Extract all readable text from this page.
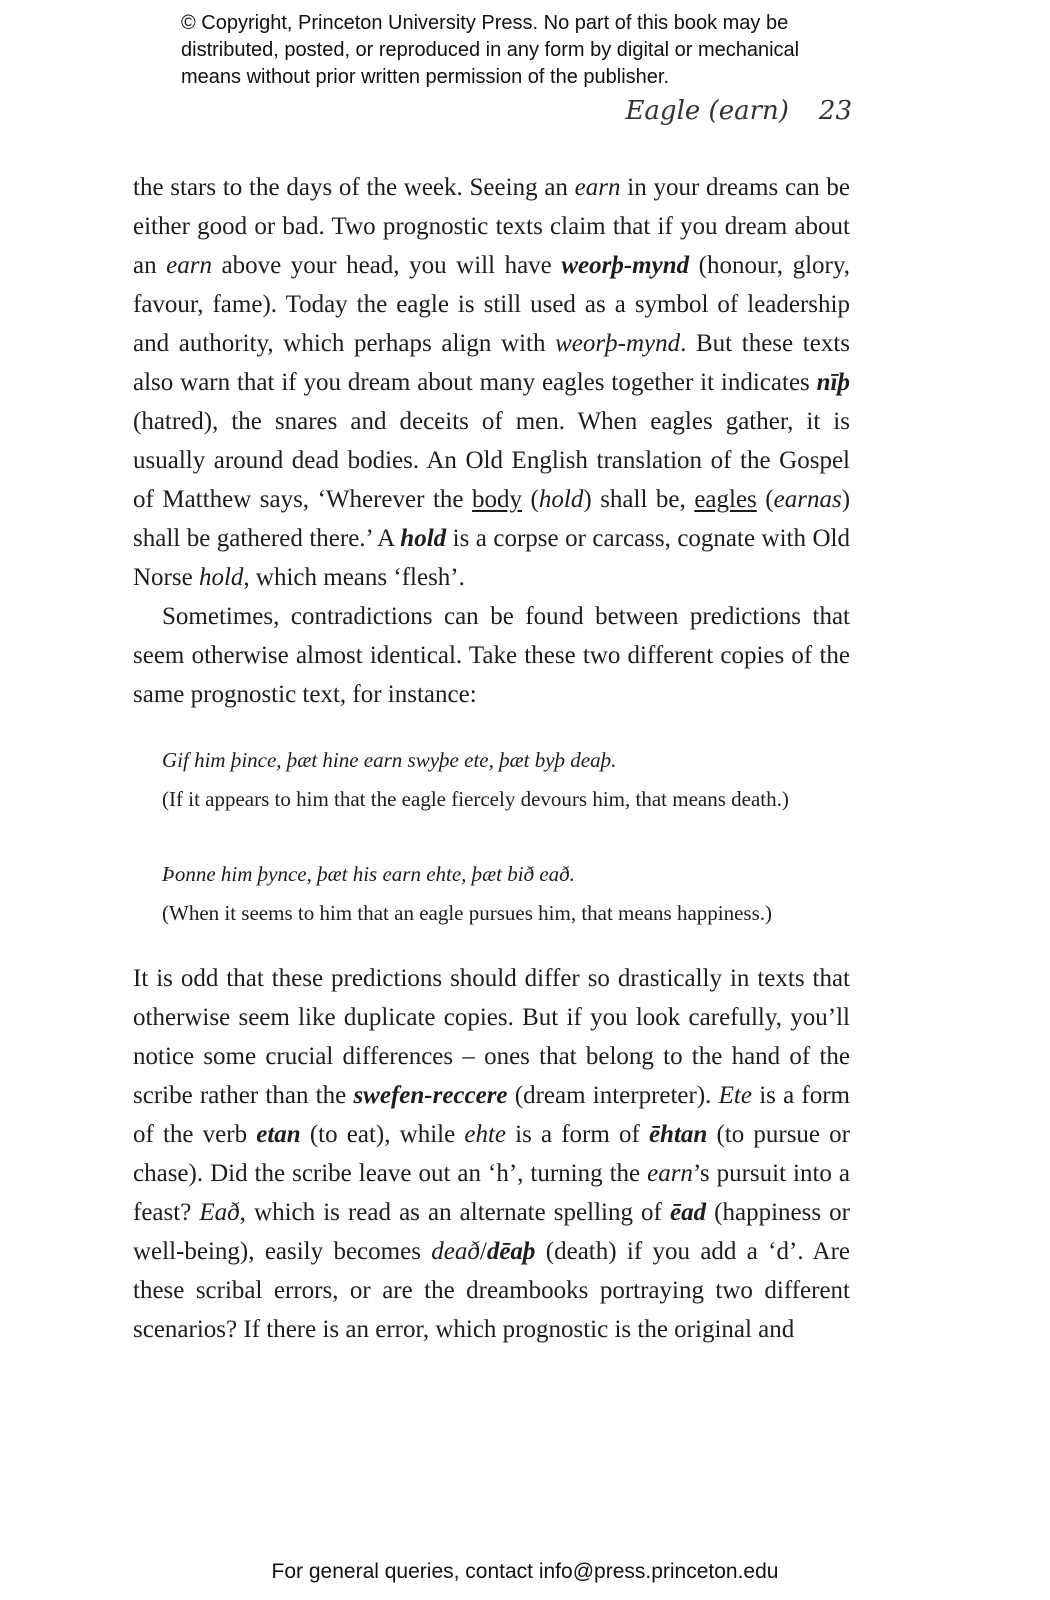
© Copyright, Princeton University Press. No part of this book may be
distributed, posted, or reproduced in any form by digital or mechanical
means without prior written permission of the publisher.
Eagle (earn) 23

the stars to the days of the week. Seeing an earn in your dreams can be either good or bad. Two prognostic texts claim that if you dream about an earn above your head, you will have weorþ-mynd (honour, glory, favour, fame). Today the eagle is still used as a symbol of leadership and authority, which perhaps align with weorþ-mynd. But these texts also warn that if you dream about many eagles together it indicates nīþ (hatred), the snares and deceits of men. When eagles gather, it is usually around dead bodies. An Old English translation of the Gospel of Matthew says, ‘Wherever the body (hold) shall be, eagles (earnas) shall be gathered there.’ A hold is a corpse or carcass, cognate with Old Norse hold, which means ‘flesh’.

Sometimes, contradictions can be found between predictions that seem otherwise almost identical. Take these two different copies of the same prognostic text, for instance:

Gif him þince, þæt hine earn swyþe ete, þæt byþ deaþ.
(If it appears to him that the eagle fiercely devours him, that means death.)
Þonne him þynce, þæt his earn ehte, þæt bið eað.
(When it seems to him that an eagle pursues him, that means happiness.)

It is odd that these predictions should differ so drastically in texts that otherwise seem like duplicate copies. But if you look carefully, you’ll notice some crucial differences – ones that belong to the hand of the scribe rather than the swefen-reccere (dream interpreter). Ete is a form of the verb etan (to eat), while ehte is a form of ēhtan (to pursue or chase). Did the scribe leave out an ‘h’, turning the earn’s pursuit into a feast? Eað, which is read as an alternate spelling of ēad (happiness or well-being), easily becomes deað/dēaþ (death) if you add a ‘d’. Are these scribal errors, or are the dreambooks portraying two different scenarios? If there is an error, which prognostic is the original and

For general queries, contact info@press.princeton.edu
